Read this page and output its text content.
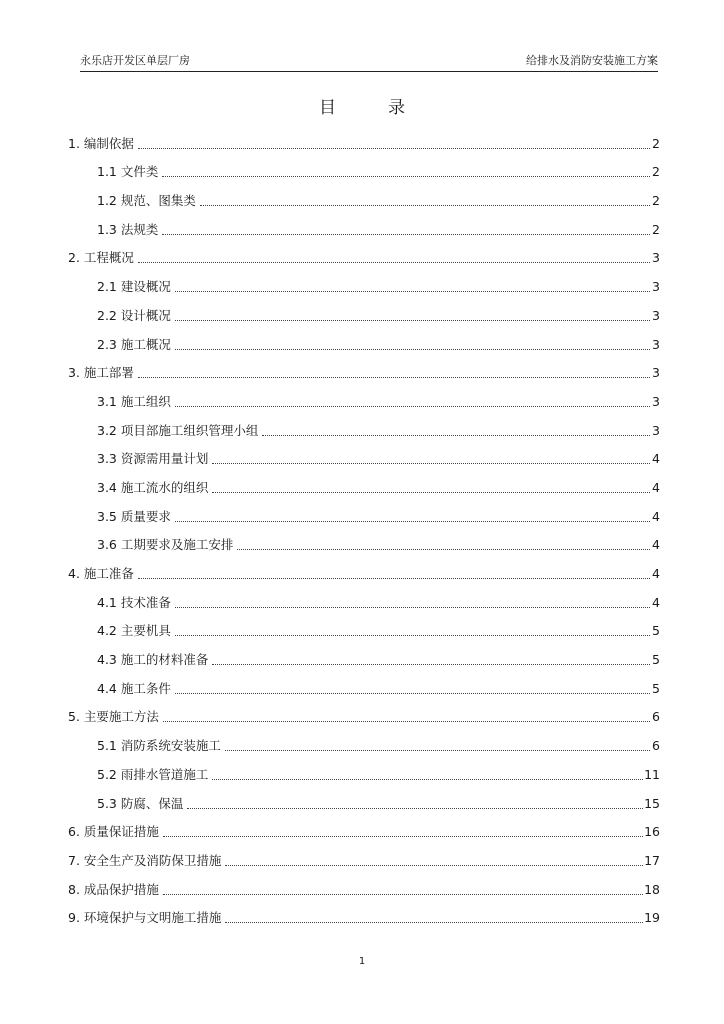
永乐店开发区单层厂房	给排水及消防安装施工方案
目录
1. 编制依据	2
1.1 文件类	2
1.2 规范、图集类	2
1.3 法规类	2
2. 工程概况	3
2.1 建设概况	3
2.2 设计概况	3
2.3 施工概况	3
3. 施工部署	3
3.1 施工组织	3
3.2 项目部施工组织管理小组	3
3.3 资源需用量计划	4
3.4 施工流水的组织	4
3.5 质量要求	4
3.6 工期要求及施工安排	4
4. 施工准备	4
4.1 技术准备	4
4.2 主要机具	5
4.3 施工的材料准备	5
4.4 施工条件	5
5. 主要施工方法	6
5.1 消防系统安装施工	6
5.2 雨排水管道施工	11
5.3 防腐、保温	15
6. 质量保证措施	16
7. 安全生产及消防保卫措施	17
8. 成品保护措施	18
9. 环境保护与文明施工措施	19
1
